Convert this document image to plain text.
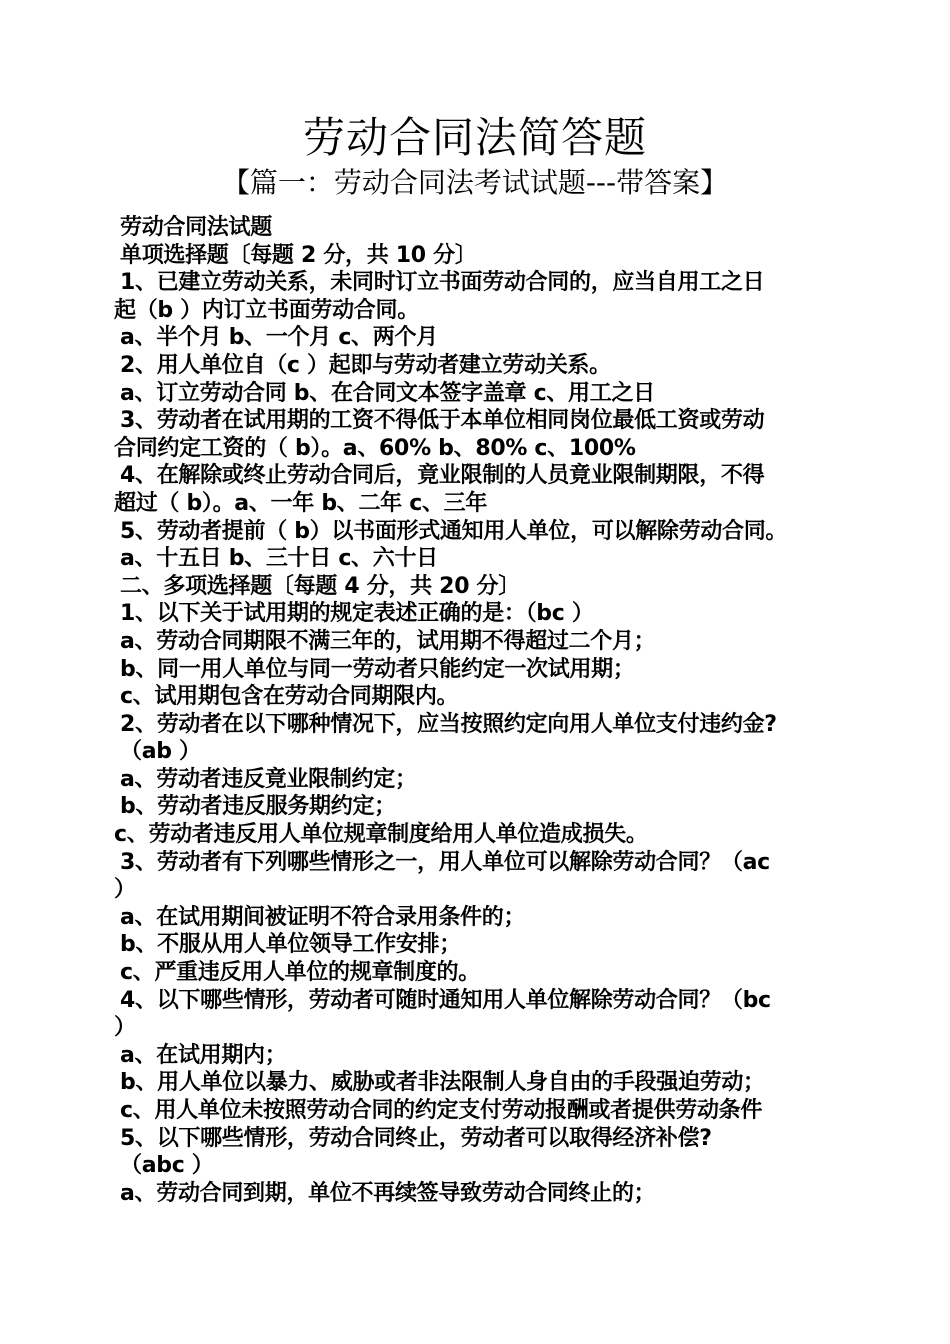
劳动合同法简答题
【篇一：劳动合同法考试试题---带答案】
劳动合同法试题
单项选择题〔每题 2 分，共 10 分〕
1、已建立劳动关系，未同时订立书面劳动合同的，应当自用工之日
起（b ）内订立书面劳动合同。
a、半个月 b、一个月 c、两个月
2、用人单位自（c ）起即与劳动者建立劳动关系。
a、订立劳动合同 b、在合同文本签字盖章 c、用工之日
3、劳动者在试用期的工资不得低于本单位相同岗位最低工资或劳动
合同约定工资的（ b）。a、60% b、80% c、100%
4、在解除或终止劳动合同后，竟业限制的人员竟业限制期限，不得
超过（ b）。a、一年 b、二年 c、三年
5、劳动者提前（ b）以书面形式通知用人单位，可以解除劳动合同。
a、十五日 b、三十日 c、六十日
二、多项选择题〔每题 4 分，共 20 分〕
1、以下关于试用期的规定表述正确的是：（bc ）
a、劳动合同期限不满三年的，试用期不得超过二个月；
b、同一用人单位与同一劳动者只能约定一次试用期；
c、试用期包含在劳动合同期限内。
2、劳动者在以下哪种情况下，应当按照约定向用人单位支付违约金?
（ab ）
a、劳动者违反竟业限制约定；
b、劳动者违反服务期约定；
c、劳动者违反用人单位规章制度给用人单位造成损失。
3、劳动者有下列哪些情形之一，用人单位可以解除劳动合同？（ac
）
a、在试用期间被证明不符合录用条件的；
b、不服从用人单位领导工作安排；
c、严重违反用人单位的规章制度的。
4、以下哪些情形，劳动者可随时通知用人单位解除劳动合同？（bc
）
a、在试用期内；
b、用人单位以暴力、威胁或者非法限制人身自由的手段强迫劳动；
c、用人单位未按照劳动合同的约定支付劳动报酬或者提供劳动条件
5、以下哪些情形，劳动合同终止，劳动者可以取得经济补偿?
（abc ）
a、劳动合同到期，单位不再续签导致劳动合同终止的；
